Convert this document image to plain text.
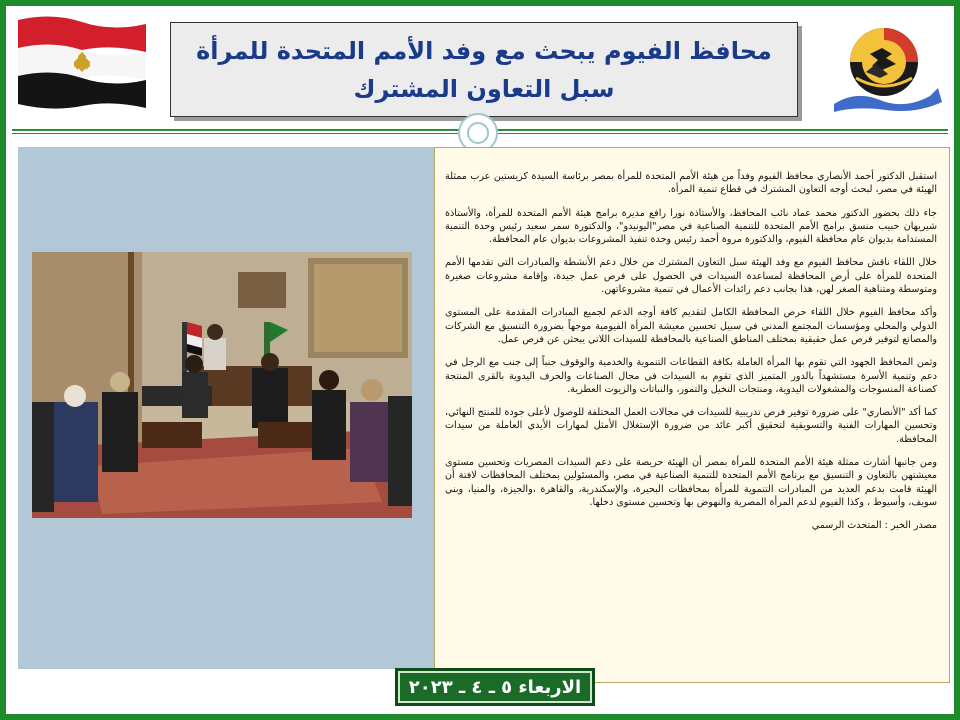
محافظ الفيوم يبحث مع وفد الأمم المتحدة للمرأة سبل التعاون المشترك

استقبل الدكتور أحمد الأنصاري محافظ الفيوم وفداً من هيئة الأمم المتحدة للمرأة بمصر برئاسة السيدة كريستين عرب ممثلة الهيئة في مصر، لبحث أوجه التعاون المشترك في قطاع تنمية المرأة.

جاء ذلك بحضور الدكتور محمد عماد نائب المحافظ، والأستاذة نورا رافع مديرة برامج هيئة الأمم المتحدة للمرأة، والأستاذة شيريهان حبيب منسق برامج الأمم المتحدة للتنمية الصناعية في مصر"اليونيدو"، والدكتورة سمر سعيد رئيس وحدة التنمية المستدامة بديوان عام محافظة الفيوم، والدكتورة مروة أحمد رئيس وحدة تنفيذ المشروعات بديوان عام المحافظة.

خلال اللقاء ناقش محافظ الفيوم مع وفد الهيئة سبل التعاون المشترك من خلال دعم الأنشطة والمبادرات التي تقدمها الأمم المتحدة للمرأة على أرض المحافظة لمساعدة السيدات في الحصول على فرص عمل جيدة، وإقامة مشروعات صغيرة ومتوسطة ومتناهية الصغر لهن، هذا بجانب دعم رائدات الأعمال في تنمية مشروعاتهن.

وأكد محافظ الفيوم خلال اللقاء حرص المحافظة الكامل لتقديم كافة أوجه الدعم لجميع المبادرات المقدمة على المستوى الدولي والمحلي ومؤسسات المجتمع المدني في سبيل تحسين معيشة المرأة الفيومية موجهاً بضرورة التنسيق مع الشركات والمصانع لتوفير فرص عمل حقيقية بمختلف المناطق الصناعية بالمحافظة للسيدات اللاتي يبحثن عن فرص عمل.

وثمن المحافظ الجهود التي تقوم بها المرأة العاملة بكافة القطاعات التنموية والخدمية والوقوف جنباً إلى جنب مع الرجل في دعم وتنمية الأسرة مستشهداً بالدور المتميز الذي تقوم به السيدات في مجال الصناعات والحرف اليدوية بالقرى المنتجة كصناعة المنسوجات والمشغولات اليدوية، ومنتجات النخيل والتمور، والنباتات والزيوت العطرية.

كما أكد "الأنصاري" على ضرورة توفير فرص تدريبية للسيدات في مجالات العمل المختلفة للوصول لأعلى جودة للمنتج النهائي، وتحسين المهارات الفنية والتسويقية لتحقيق أكبر عائد من ضرورة الإستغلال الأمثل لمهارات الأيدي العاملة من سيدات المحافظة.

ومن جانبها أشارت ممثلة هيئة الأمم المتحدة للمرأة بمصر أن الهيئة حريصة على دعم السيدات المصريات وتحسين مستوى معيشتهن بالتعاون و التنسيق مع برنامج الأمم المتحدة للتنمية الصناعية في مصر، والمسئولين بمختلف المحافظات لافتة أن الهيئة قامت بدعم العديد من المبادرات التنموية للمرأة بمحافظات البحيرة، والإسكندرية، والقاهرة ،والجيزة، والمنيا، وبني سويف، وأسيوط ، وكذا الفيوم لدعم المرأة المصرية والنهوض بها وتحسين مستوى دخلها.

مصدر الخبر : المتحدث الرسمي

الاربعاء ٥ ـ ٤ ـ ٢٠٢٣
